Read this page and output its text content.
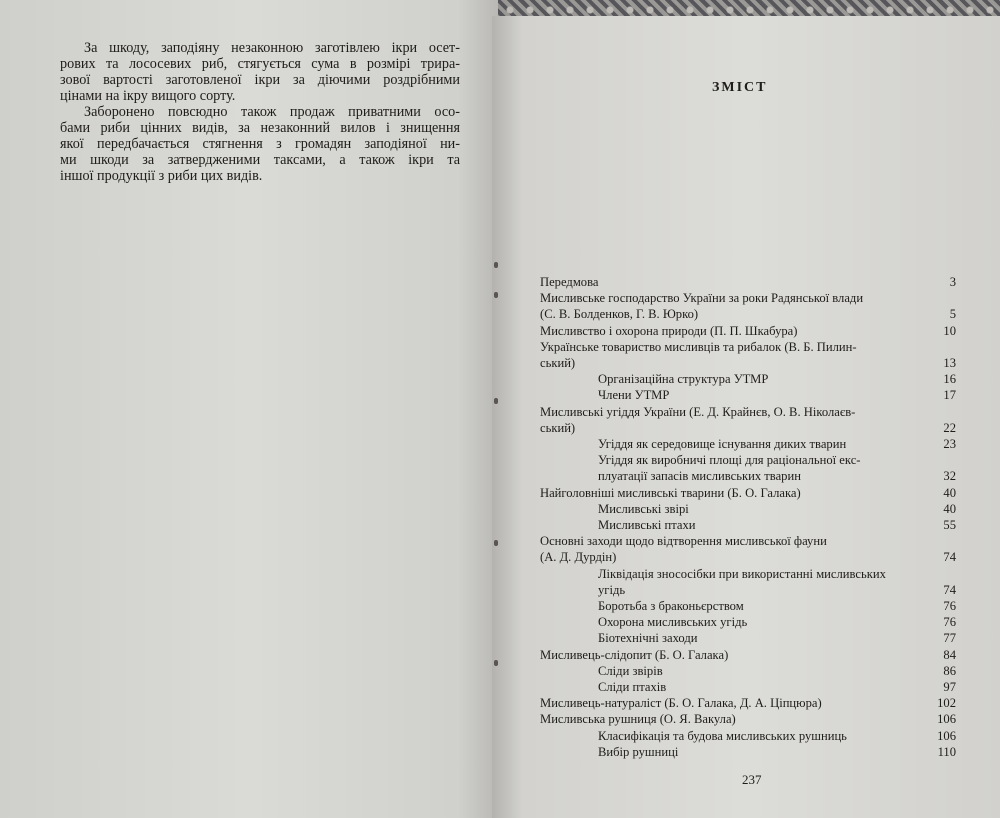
За шкоду, заподіяну незаконною заготівлею ікри осет-
рових та лососевих риб, стягується сума в розмірі трира-
зової вартості заготовленої ікри за діючими роздрібними
цінами на ікру вищого сорту.
Заборонено повсюдно також продаж приватними осо-
бами риби цінних видів, за незаконний вилов і знищення
якої передбачається стягнення з громадян заподіяної ни-
ми шкоди за затвердженими таксами, а також ікри та
іншої продукції з риби цих видів.
ЗМІСТ
Передмова	3
Мисливське господарство України за роки Радянської влади
(С. В. Болденков, Г. В. Юрко)	5
Мисливство і охорона природи (П. П. Шкабура)	10
Українське товариство мисливців та рибалок (В. Б. Пилин-
ський)	13
Організаційна структура УТМР	16
Члени УТМР	17
Мисливські угіддя України (Е. Д. Крайнєв, О. В. Ніколаєв-
ський)	22
Угіддя як середовище існування диких тварин	23
Угіддя як виробничі площі для раціональної екс-
плуатації запасів мисливських тварин	32
Найголовніші мисливські тварини (Б. О. Галака)	40
Мисливські звірі	40
Мисливські птахи	55
Основні заходи щодо відтворення мисливської фауни
(А. Д. Дурдін)	74
Ліквідація знососібки при використанні мисливських
угідь	74
Боротьба з браконьєрством	76
Охорона мисливських угідь	76
Біотехнічні заходи	77
Мисливець-слідопит (Б. О. Галака)	84
Сліди звірів	86
Сліди птахів	97
Мисливець-натураліст (Б. О. Галака, Д. А. Ціпцюра)	102
Мисливська рушниця (О. Я. Вакула)	106
Класифікація та будова мисливських рушниць	106
Вибір рушниці	110
237
